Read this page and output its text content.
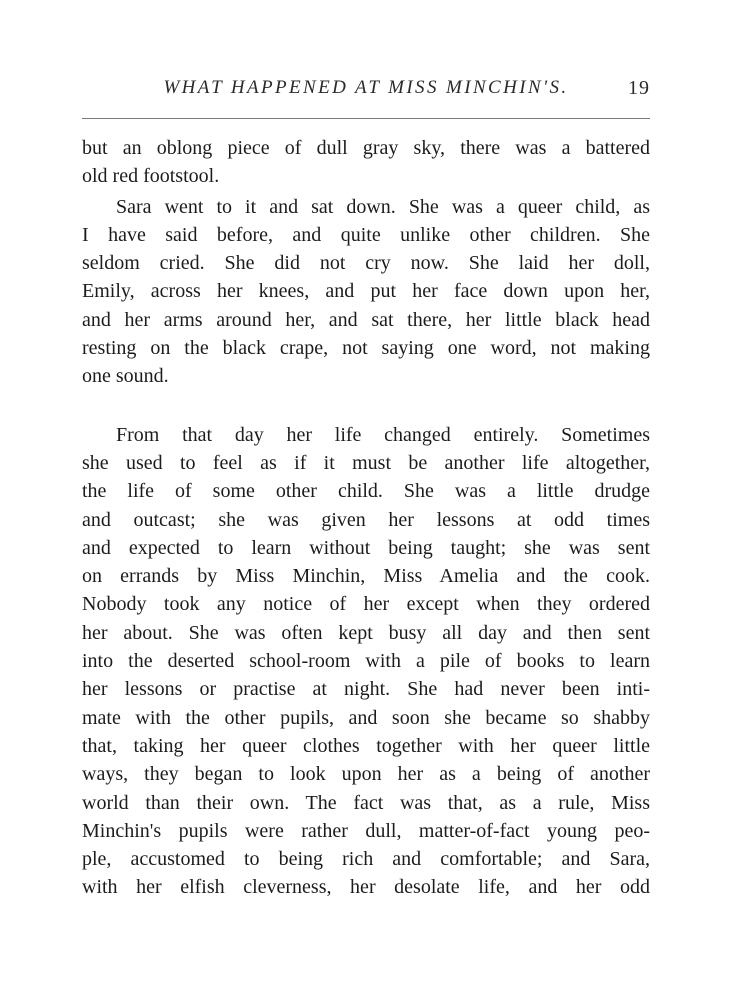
WHAT HAPPENED AT MISS MINCHIN'S.	19
but an oblong piece of dull gray sky, there was a battered
old red footstool.
Sara went to it and sat down. She was a queer child, as
I have said before, and quite unlike other children. She
seldom cried. She did not cry now. She laid her doll,
Emily, across her knees, and put her face down upon her,
and her arms around her, and sat there, her little black head
resting on the black crape, not saying one word, not making
one sound.
From that day her life changed entirely. Sometimes
she used to feel as if it must be another life altogether,
the life of some other child. She was a little drudge
and outcast; she was given her lessons at odd times
and expected to learn without being taught; she was sent
on errands by Miss Minchin, Miss Amelia and the cook.
Nobody took any notice of her except when they ordered
her about. She was often kept busy all day and then sent
into the deserted school-room with a pile of books to learn
her lessons or practise at night. She had never been inti-
mate with the other pupils, and soon she became so shabby
that, taking her queer clothes together with her queer little
ways, they began to look upon her as a being of another
world than their own. The fact was that, as a rule, Miss
Minchin's pupils were rather dull, matter-of-fact young peo-
ple, accustomed to being rich and comfortable; and Sara,
with her elfish cleverness, her desolate life, and her odd
